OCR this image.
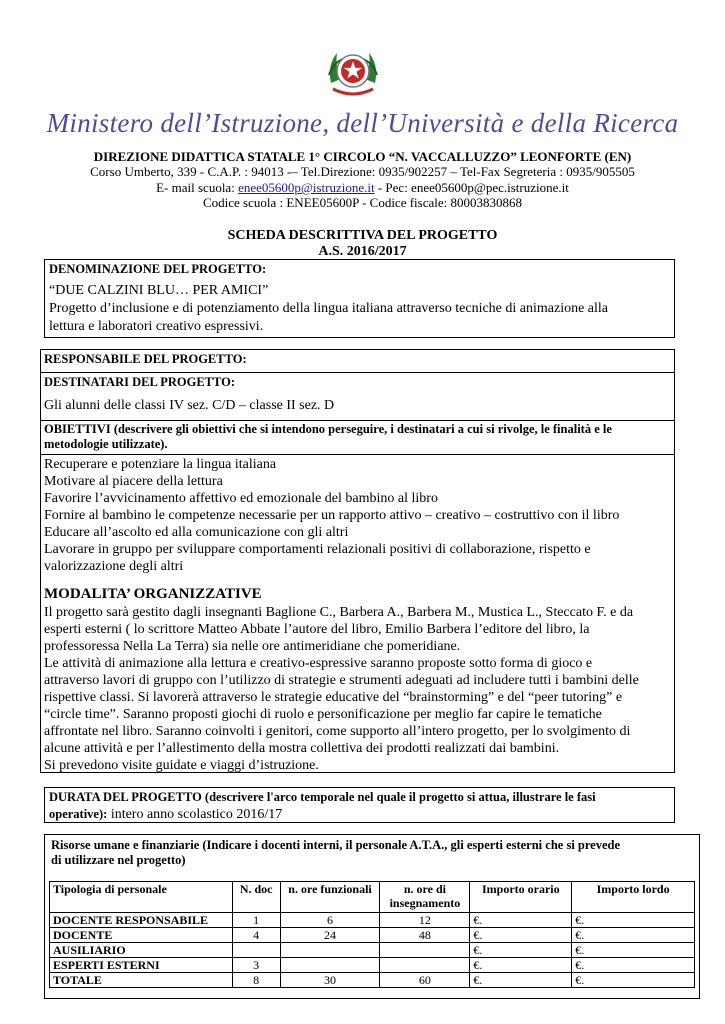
Ministero dell’Istruzione, dell’Università e della Ricerca
DIREZIONE DIDATTICA STATALE 1° CIRCOLO “N. VACCALLUZZO” LEONFORTE (EN)
Corso Umberto, 339 - C.A.P. : 94013 -– Tel.Direzione: 0935/902257 – Tel-Fax Segreteria : 0935/905505
E- mail scuola: enee05600p@istruzione.it - Pec: enee05600p@pec.istruzione.it
Codice scuola : ENEE05600P - Codice fiscale: 80003830868
SCHEDA DESCRITTIVA DEL PROGETTO
A.S. 2016/2017
DENOMINAZIONE DEL PROGETTO:
“DUE CALZINI BLU… PER AMICI”
Progetto d’inclusione e di potenziamento della lingua italiana attraverso tecniche di animazione alla
lettura e laboratori creativo espressivi.
RESPONSABILE DEL PROGETTO:
DESTINATARI DEL PROGETTO:
Gli alunni delle classi IV sez. C/D – classe II sez. D
OBIETTIVI (descrivere gli obiettivi che si intendono perseguire, i destinatari a cui si rivolge, le finalità e le
metodologie utilizzate).
Recuperare e potenziare la lingua italiana
Motivare al piacere della lettura
Favorire l’avvicinamento affettivo ed emozionale del bambino al libro
Fornire al bambino le competenze necessarie per un rapporto attivo – creativo – costruttivo con il libro
Educare all’ascolto ed alla comunicazione con gli altri
Lavorare in gruppo per sviluppare comportamenti relazionali positivi di collaborazione, rispetto e
valorizzazione degli altri
MODALITA’ ORGANIZZATIVE
Il progetto sarà gestito dagli insegnanti Baglione C., Barbera A., Barbera M., Mustica L., Steccato F. e da
esperti esterni ( lo scrittore Matteo Abbate l’autore del libro, Emilio Barbera l’editore del libro, la
professoressa Nella La Terra) sia nelle ore antimeridiane che pomeridiane.
Le attività di animazione alla lettura e creativo-espressive saranno proposte sotto forma di gioco e
attraverso lavori di gruppo con l’utilizzo di strategie e strumenti adeguati ad includere tutti i bambini delle
rispettive classi. Si lavorerà attraverso le strategie educative del “brainstorming” e del “peer tutoring” e
“circle time”. Saranno proposti giochi di ruolo e personificazione per meglio far capire le tematiche
affrontate nel libro. Saranno coinvolti i genitori, come supporto all’intero progetto, per lo svolgimento di
alcune attività e per l’allestimento della mostra collettiva dei prodotti realizzati dai bambini.
Si prevedono visite guidate e viaggi d’istruzione.
DURATA DEL PROGETTO (descrivere l'arco temporale nel quale il progetto si attua, illustrare le fasi
operative): intero anno scolastico 2016/17
Risorse umane e finanziarie (Indicare i docenti interni, il personale A.T.A., gli esperti esterni che si prevede
di utilizzare nel progetto)
Tipologia di personale	N. doc	n. ore funzionali	n. ore di insegnamento	Importo orario	Importo lordo
DOCENTE RESPONSABILE	1	6	12	€.	€.
DOCENTE	4	24	48	€.	€.
AUSILIARIO				€.	€.
ESPERTI ESTERNI	3			€.	€.
TOTALE	8	30	60	€.	€.
